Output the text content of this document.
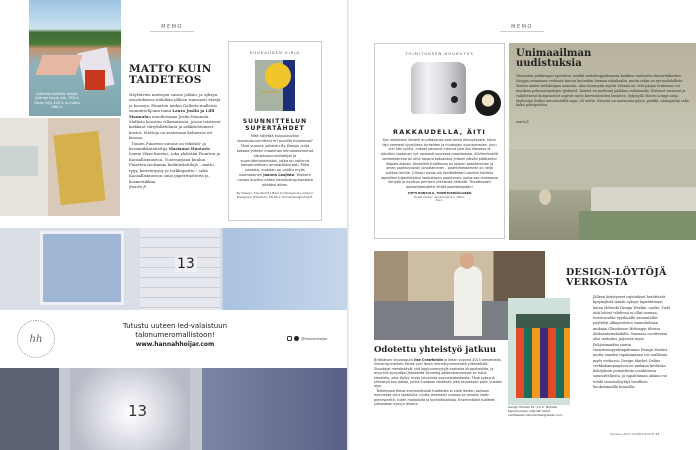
Galleria-mallisto matot (ylempi kuva) alk. 790 e, Vikre-ryijy 420 e ja matto 980 e.
MEMO
MATTO KUIN TAIDETEOS
Näyttävien mattojen suosio jatkuu, ja syksyn sisustuksissa nähdään jälleen runsaasti värejä ja kuoseja. Finarten uuden Galleria-mallston suunnittelijoina toimi Laura Juslin ja Lilli Maunulan muodostama Juslin-Maunula. Mallisto koostuu villamatoista, joissa toistuvat kirkkaat väriyhdistelmät ja arkkitehtoniset kuviot. Mattoja on saatavana kolmessa eri koossa.
Toinen Finarten uutuus on tekstiili- ja keramiikkataiteilija Marianne Huotarin luoma Vikre-kuvitus, joka yhdistää Finarten ja Kansallismuseon. Tuotesarjaan kuuluu Finarten tuottamia kodintekstiilejä – matto, ryijy, koristetyyny ja torkkupeitto – sekä Kansallismuseon omia paperituotteita ja kosmetiikkaa.
finarte.fi
KUUKAUDEN KIRJA
BY DESIGN
SUUNNITTELUN SUPERTÄHDET
Mitä näyttää huippuluokan sisustussuunnittelu eri puolilla maailmaa? Tänä vuonna julkaistu By Design -kirja kokoaa yhteen maailman kiinnostavimmat sisustussuunnittelijat ja suunnittelutoimistot, jotka on valinnut kansainvälinen ammattilaisraati. Mikä parasta, mukaan on valittu myös suomalainen Joanna Laajisto. Teoksen runsas kuvitus antaa sisustusinspiraatiota pitkäksi aikaa.
By Design: The World's Best Contemporary Interior Designers (Phaidon), 59,95 e, finnishdesignshop.fi.
13
hh
Tutustu uuteen led-valaistuun talonumeromallistoon!
www.hannahhoijar.com
@hannahhoijar
13
MEMO
TOIMITUKSEN HOUKUTUS
RAKKAUDELLA, ÄITI
Kun esikoiseni ilmoitti muuttavansa pois kotoa alkusyksystä, kävin läpi varmasti tyypillisen tunteiden ja muistojen vuoristoradan. Juuri kun hän syntyi, mikset jaksanut lukenut joka ilta iltasatua ja päiväkin lapsonen nyt varmasti suuressa maailmassa. Viisihenkisellä perheellämme on ollut tapana kokoontua yhteen päivän päätteeksi iltapala-aikaan. Keskeistä traditiossa on leipien paahtaminen ja oman paahtovuoron jonottaminen – paahtimessamme on neljä aukkoa leiville. (Omaa) orpoa olo lievittääkseni aionkin hankkia lapselleni tuparilahjaksi laadukkaan paahtimen; poika saa mukaansa lämpöä ja muiston perheen yhteisistä hetkistä. Toivottavasti opiskelijabudjetti riittää paahtoleipään!
TIITTI KONTULA, TOIMITUSPÄÄLLIKKÖ
Dualit Classic -leivänpaahdin, 189 e, Zero.
Unimaailman uudistuksia
Vänestään pokkivuput upeittivat meidät nettishoppailemaan kaikkea vaatteista elintarvikkeisiin. Sängyn ostaminen verkosta tuntuu kuitenkin hieman uskaliaalta, mutta sekin on nyt mahdollista Matrin uuden nettikaupan ansiosta. Aina konseptin myötä. Ideana on, että patjan tuntumaa voi muokata pehmustepalojen (pehmeä, kiinteä tai medium) paikkaa vaihtamalla. Erilaiset varaosat ja vaihdettavat komponentit sopivat myös kiertotalouden henkeen. Sykysyllä Matrin Lempi-sarja täydentyy lisäksi uutuusvärillä sage, eli salvia. Säryssä on saatavana pöytä, penkki, sänkypääty sekä kaksi päiväpeittoa.
matri.fi
Odotettu yhteistyö jatkuu
Brittiläisen sisustuguru Ilse Crawfordin ja Ikean vuonna 2015 lanseerattu Sinnerlig-mallisto lienee yksi Ikean menestyneimmistä yhteistöistä. Sisustajat metsästävät yhä loppuunmyytyjä tuotteita kirpputoreilta, ja myyntiin pysyväksi jääneestä Sinnerlig-kattovalaisimesta on tullut klassikko, joka löytyy myös lukuisista suomalaiskodeista. Tänä syksynä yhteistyö saa jatkoa, jonka luvataan kestävän joka seuraavan parin vuoden ajan.
Tarkempaa tietoa ensimmäisistä tuotteista ei vielä lehden painoon mennessä ollut saatavilla, mutta ilmeisesti luvassa on ainakin kodin pienesineitä, kuten maljakoita ja kynttilänjalkoja. Ensimmäiset tuotteet julkaistaan syksyn aikana.
Design Market 10.–12.9. Tarkista tapahtumaan liittyvät tiedot osoitteesta helsinkidesignweek.com.
DESIGN-LÖYTÖJÄ VERKOSTA
Jälleen kiristyneet rajoitukset herättävät kysymyksiä tämän syksyn tapahtumien, kuten Helsinki Design Weekin, osalta. Vielä tätä lehteä tehdessä ei ollut varmaa, toteutuvatko syyskuulle suunnitellut näyttelyt alkuperäisen suunnitelman mukaan Glasshouse Helsingin tiloissa Aleksanterinkadulla. Samassa osoitteessa olisi tarkoitus järjestää myös Pohjoismaiden suurin varastonmyyntitapahtuma Design Market, mutta onneksi tapahtumaan voi osallistua myös verkossa. Design Market Online -verkkokampanjassa on mukana kestävän kehityksen periaatteita noudattavia suunnittelijoita, ja tapahtuman aikana voi tehdä sisustuslöytöjä tavallista huokeammilla hinnoilla.
Syyskuu 2021 GLORIA'N KOTI 11
